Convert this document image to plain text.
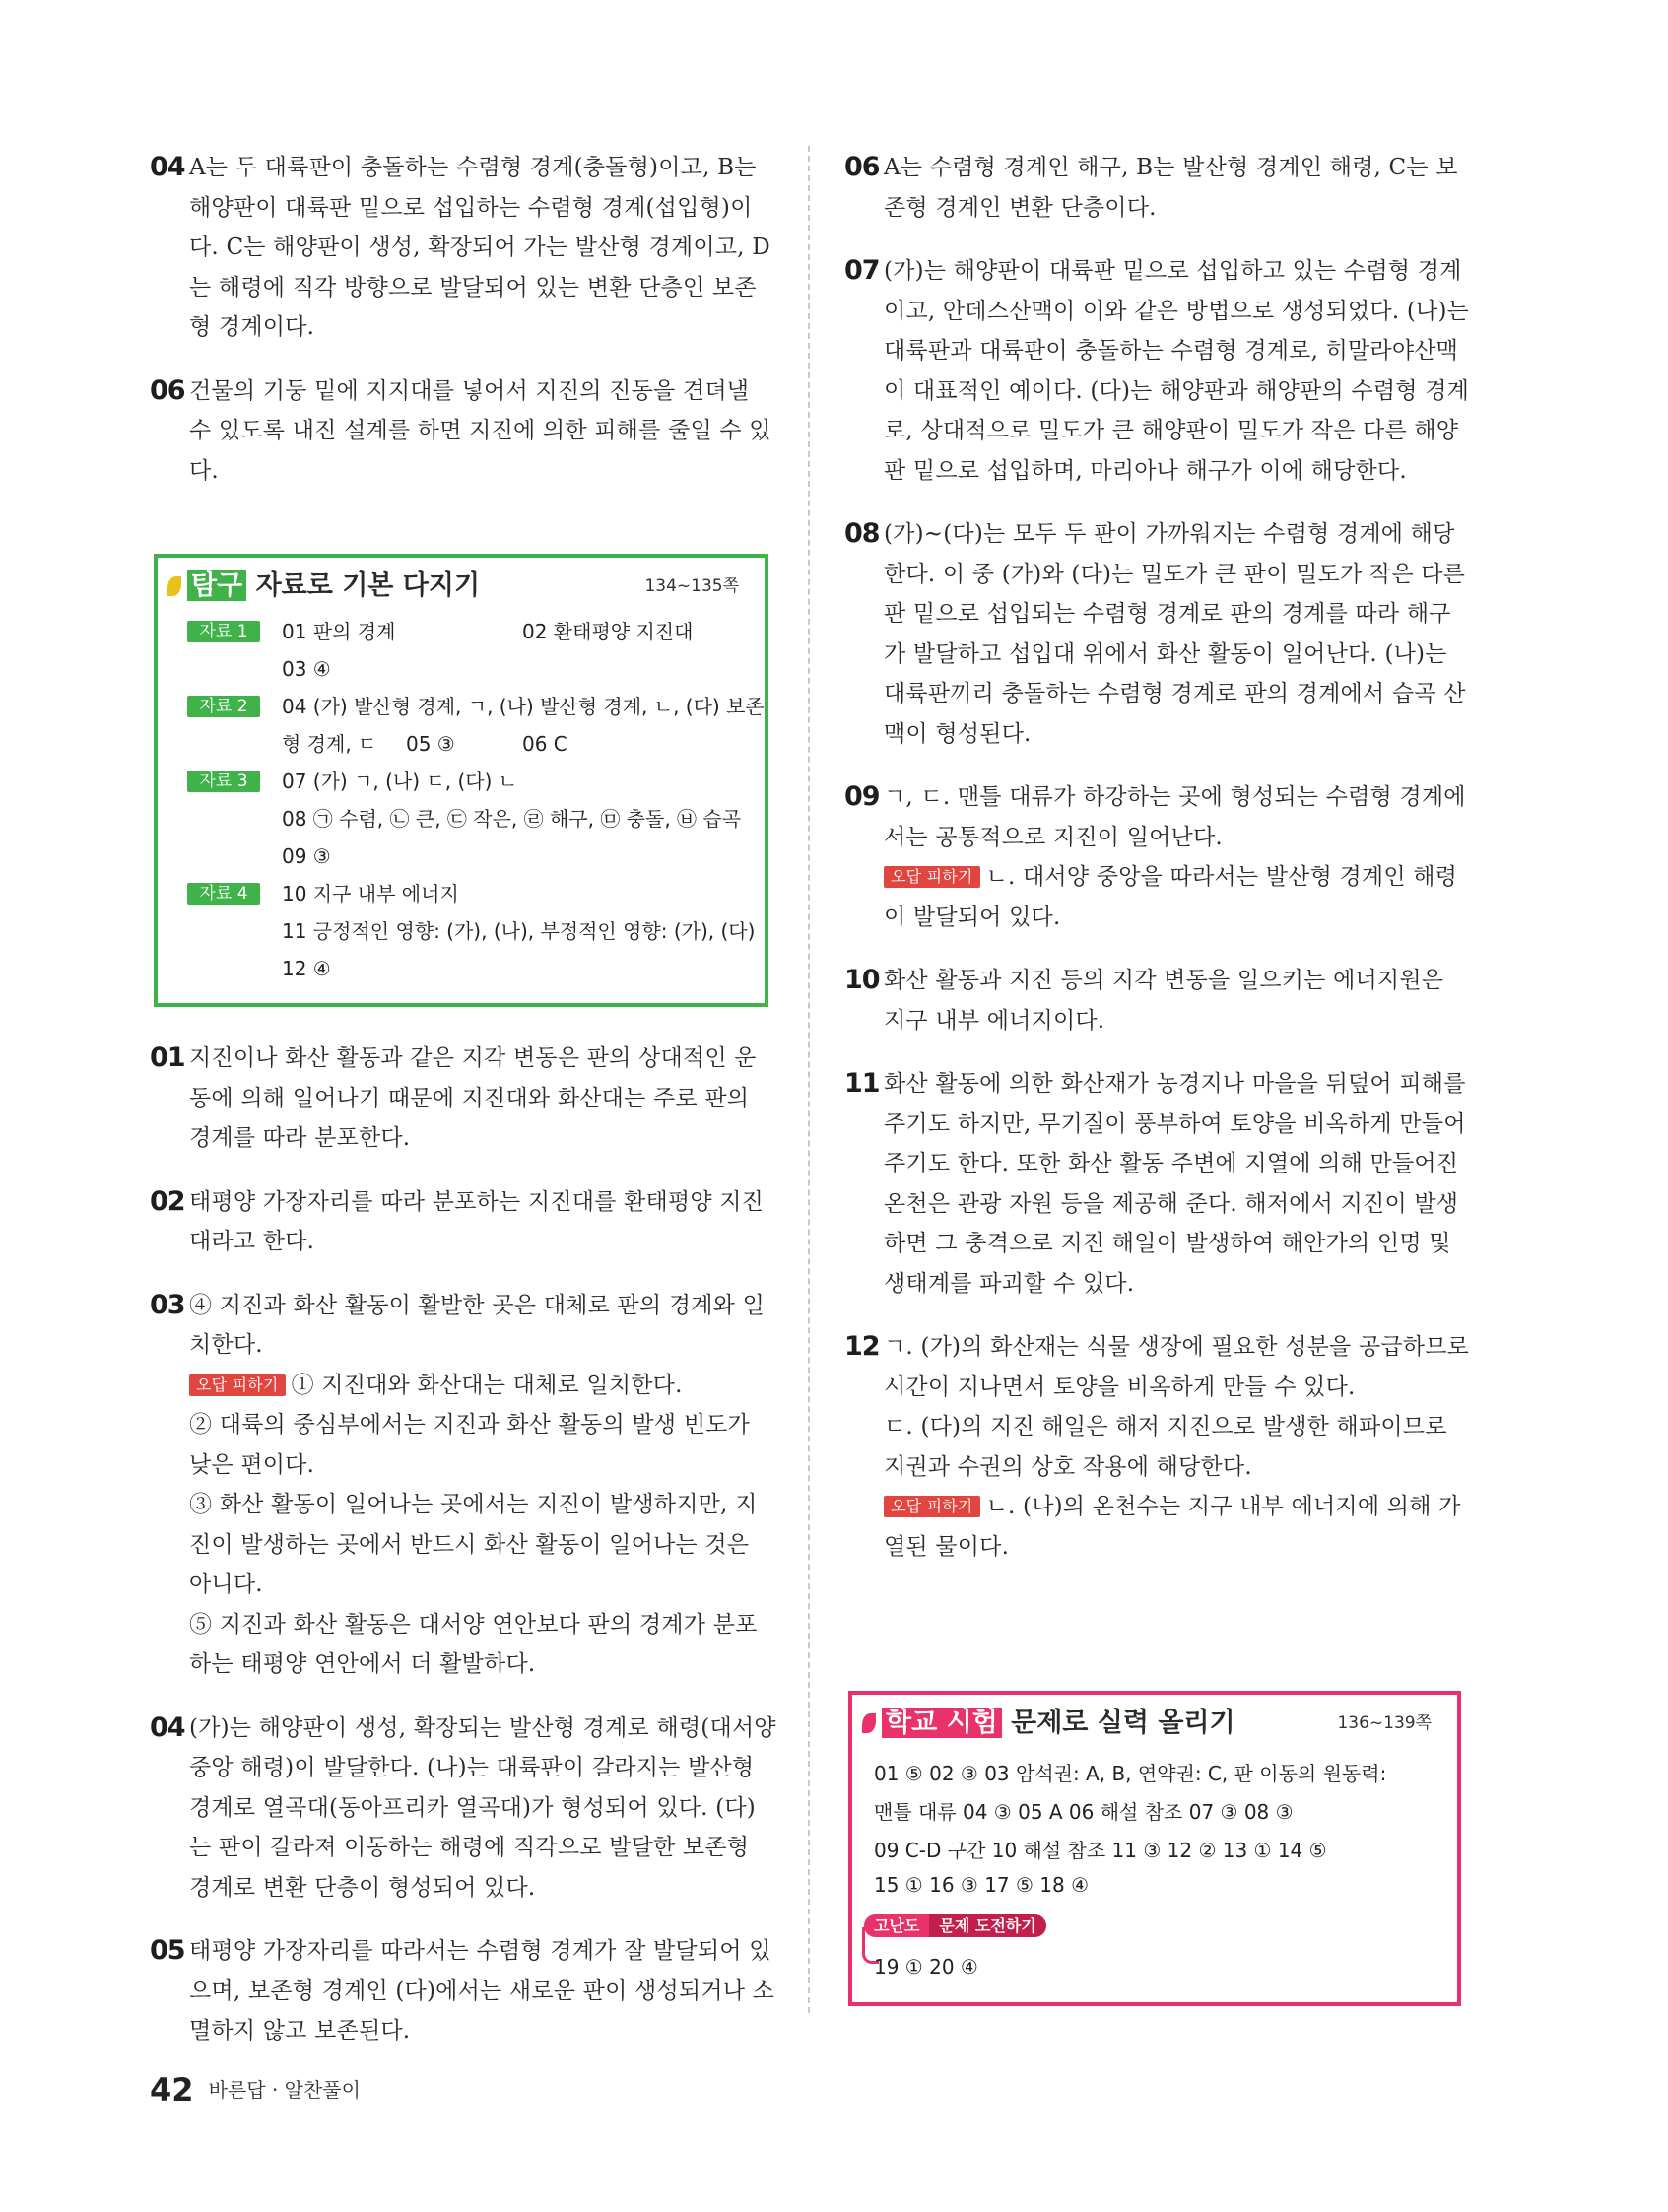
04 A는 두 대륙판이 충돌하는 수렴형 경계(충돌형)이고, B는 해양판이 대륙판 밑으로 섭입하는 수렴형 경계(섭입형)이다. C는 해양판이 생성, 확장되어 가는 발산형 경계이고, D는 해령에 직각 방향으로 발달되어 있는 변환 단층인 보존형 경계이다.
06 건물의 기둥 밑에 지지대를 넣어서 지진의 진동을 견뎌낼 수 있도록 내진 설계를 하면 지진에 의한 피해를 줄일 수 있다.
탐구 자료로 기본 다지기	134~135쪽
자료 1	01 판의 경계	02 환태평양 지진대
03 ④
자료 2	04 (가) 발산형 경계, ㄱ, (나) 발산형 경계, ㄴ, (다) 보존
형 경계, ㄷ 05 ③	06 C
자료 3	07 (가) ㄱ, (나) ㄷ, (다) ㄴ
08 ㉠ 수렴, ㉡ 큰, ㉢ 작은, ㉣ 해구, ㉤ 충돌, ㉥ 습곡
09 ③
자료 4	10 지구 내부 에너지
11 긍정적인 영향: (가), (나), 부정적인 영향: (가), (다)
12 ④
01 지진이나 화산 활동과 같은 지각 변동은 판의 상대적인 운동에 의해 일어나기 때문에 지진대와 화산대는 주로 판의 경계를 따라 분포한다.
02 태평양 가장자리를 따라 분포하는 지진대를 환태평양 지진대라고 한다.
03 ④ 지진과 화산 활동이 활발한 곳은 대체로 판의 경계와 일치한다.
오답 피하기 ① 지진대와 화산대는 대체로 일치한다.
② 대륙의 중심부에서는 지진과 화산 활동의 발생 빈도가 낮은 편이다.
③ 화산 활동이 일어나는 곳에서는 지진이 발생하지만, 지진이 발생하는 곳에서 반드시 화산 활동이 일어나는 것은 아니다.
⑤ 지진과 화산 활동은 대서양 연안보다 판의 경계가 분포하는 태평양 연안에서 더 활발하다.
04 (가)는 해양판이 생성, 확장되는 발산형 경계로 해령(대서양 중앙 해령)이 발달한다. (나)는 대륙판이 갈라지는 발산형 경계로 열곡대(동아프리카 열곡대)가 형성되어 있다. (다)는 판이 갈라져 이동하는 해령에 직각으로 발달한 보존형 경계로 변환 단층이 형성되어 있다.
05 태평양 가장자리를 따라서는 수렴형 경계가 잘 발달되어 있으며, 보존형 경계인 (다)에서는 새로운 판이 생성되거나 소멸하지 않고 보존된다.
06 A는 수렴형 경계인 해구, B는 발산형 경계인 해령, C는 보존형 경계인 변환 단층이다.
07 (가)는 해양판이 대륙판 밑으로 섭입하고 있는 수렴형 경계이고, 안데스산맥이 이와 같은 방법으로 생성되었다. (나)는 대륙판과 대륙판이 충돌하는 수렴형 경계로, 히말라야산맥이 대표적인 예이다. (다)는 해양판과 해양판의 수렴형 경계로, 상대적으로 밀도가 큰 해양판이 밀도가 작은 다른 해양판 밑으로 섭입하며, 마리아나 해구가 이에 해당한다.
08 (가)~(다)는 모두 두 판이 가까워지는 수렴형 경계에 해당한다. 이 중 (가)와 (다)는 밀도가 큰 판이 밀도가 작은 다른 판 밑으로 섭입되는 수렴형 경계로 판의 경계를 따라 해구가 발달하고 섭입대 위에서 화산 활동이 일어난다. (나)는 대륙판끼리 충돌하는 수렴형 경계로 판의 경계에서 습곡 산맥이 형성된다.
09 ㄱ, ㄷ. 맨틀 대류가 하강하는 곳에 형성되는 수렴형 경계에서는 공통적으로 지진이 일어난다.
오답 피하기 ㄴ. 대서양 중앙을 따라서는 발산형 경계인 해령이 발달되어 있다.
10 화산 활동과 지진 등의 지각 변동을 일으키는 에너지원은 지구 내부 에너지이다.
11 화산 활동에 의한 화산재가 농경지나 마을을 뒤덮어 피해를 주기도 하지만, 무기질이 풍부하여 토양을 비옥하게 만들어 주기도 한다. 또한 화산 활동 주변에 지열에 의해 만들어진 온천은 관광 자원 등을 제공해 준다. 해저에서 지진이 발생하면 그 충격으로 지진 해일이 발생하여 해안가의 인명 및 생태계를 파괴할 수 있다.
12 ㄱ. (가)의 화산재는 식물 생장에 필요한 성분을 공급하므로 시간이 지나면서 토양을 비옥하게 만들 수 있다.
ㄷ. (다)의 지진 해일은 해저 지진으로 발생한 해파이므로 지권과 수권의 상호 작용에 해당한다.
오답 피하기 ㄴ. (나)의 온천수는 지구 내부 에너지에 의해 가열된 물이다.
학교 시험 문제로 실력 올리기	136~139쪽
01 ⑤ 02 ③ 03 암석권: A, B, 연약권: C, 판 이동의 원동력:
맨틀 대류 04 ③ 05 A 06 해설 참조 07 ③ 08 ③
09 C-D 구간 10 해설 참조 11 ③ 12 ② 13 ① 14 ⑤
15 ① 16 ③ 17 ⑤ 18 ④
고난도 문제 도전하기
19 ① 20 ④
42 바른답 · 알찬풀이
